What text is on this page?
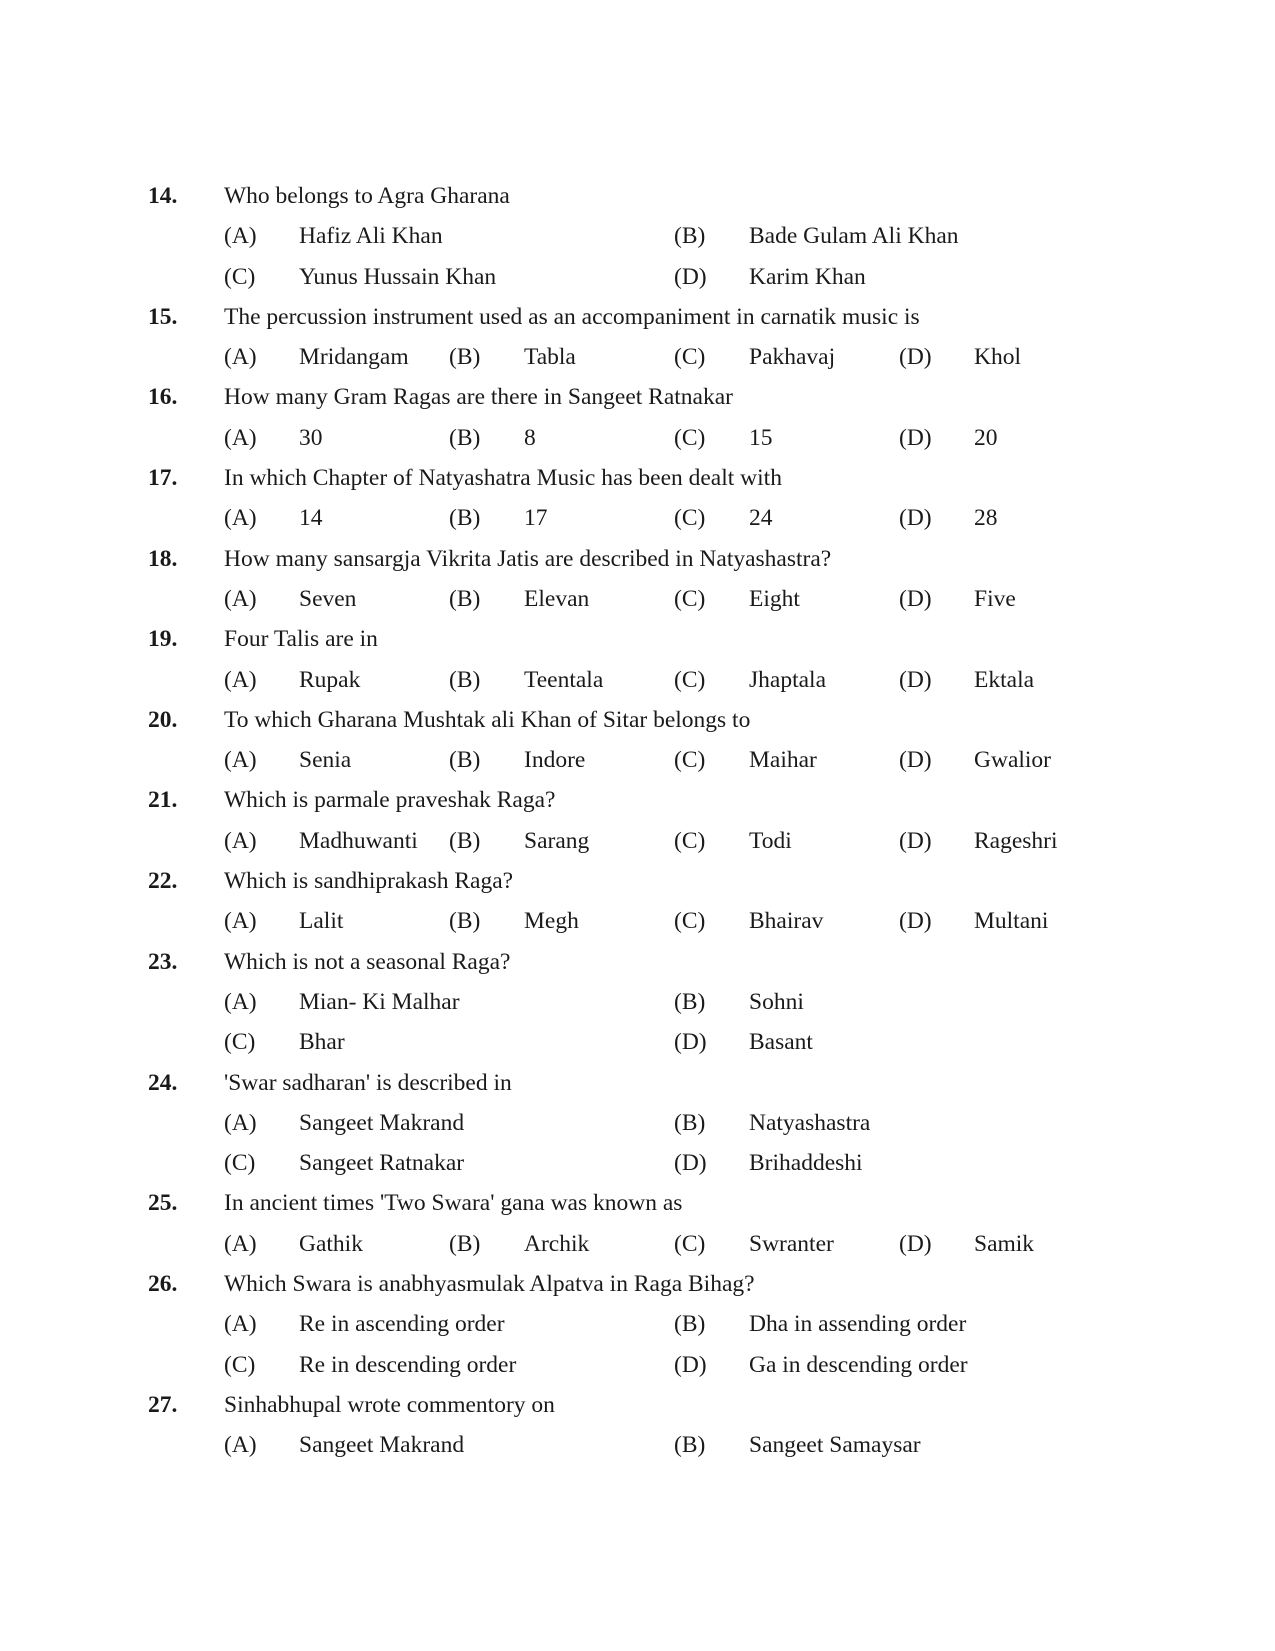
14. Who belongs to Agra Gharana
(A) Hafiz Ali Khan	(B) Bade Gulam Ali Khan
(C) Yunus Hussain Khan	(D) Karim Khan
15. The percussion instrument used as an accompaniment in carnatik music is
(A) Mridangam (B) Tabla	(C) Pakhavaj	(D) Khol
16. How many Gram Ragas are there in Sangeet Ratnakar
(A) 30	(B) 8	(C) 15	(D) 20
17. In which Chapter of Natyashatra Music has been dealt with
(A) 14	(B) 17	(C) 24	(D) 28
18. How many sansargja Vikrita Jatis are described in Natyashastra?
(A) Seven	(B) Elevan	(C) Eight	(D) Five
19. Four Talis are in
(A) Rupak	(B) Teentala	(C) Jhaptala	(D) Ektala
20. To which Gharana Mushtak ali Khan of Sitar belongs to
(A) Senia	(B) Indore	(C) Maihar	(D) Gwalior
21. Which is parmale praveshak Raga?
(A) Madhuwanti (B) Sarang	(C) Todi	(D) Rageshri
22. Which is sandhiprakash Raga?
(A) Lalit	(B) Megh	(C) Bhairav	(D) Multani
23. Which is not a seasonal Raga?
(A) Mian- Ki Malhar	(B) Sohni
(C) Bhar	(D) Basant
24. 'Swar sadharan' is described in
(A) Sangeet Makrand	(B) Natyashastra
(C) Sangeet Ratnakar	(D) Brihaddeshi
25. In ancient times 'Two Swara' gana was known as
(A) Gathik	(B) Archik	(C) Swranter	(D) Samik
26. Which Swara is anabhyasmulak Alpatva in Raga Bihag?
(A) Re in ascending order	(B) Dha in assending order
(C) Re in descending order	(D) Ga in descending order
27. Sinhabhupal wrote commentory on
(A) Sangeet Makrand	(B) Sangeet Samaysar
